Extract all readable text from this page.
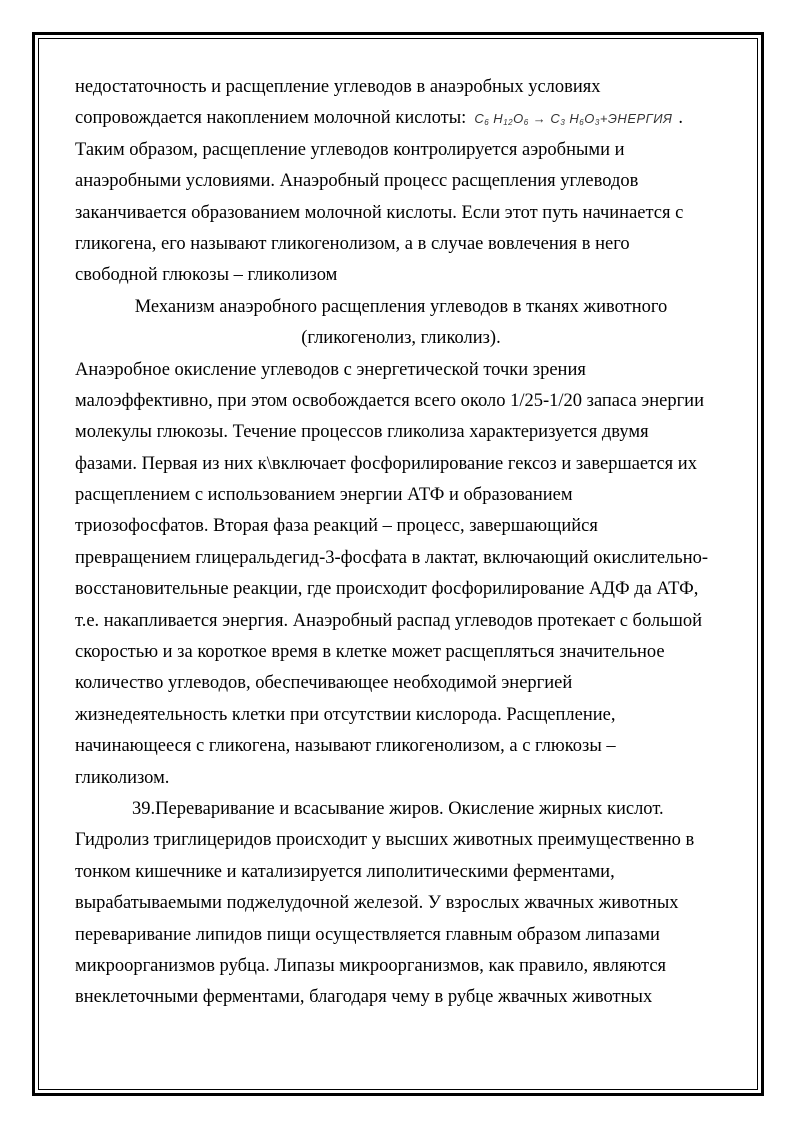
недостаточность и расщепление углеводов в анаэробных условиях
сопровождается накоплением молочной кислоты: $C_6$ $H_{12}O_6 \to C_3$ $H_6O_3+ЭНЕРГИЯ$ .
Таким образом, расщепление углеводов контролируется аэробными и
анаэробными условиями. Анаэробный процесс расщепления углеводов
заканчивается образованием молочной кислоты. Если этот путь начинается с
гликогена, его называют гликогенолизом, а в случае вовлечения в него
свободной глюкозы – гликолизом
Механизм анаэробного расщепления углеводов в тканях животного
(гликогенолиз, гликолиз).
Анаэробное окисление углеводов с энергетической точки зрения
малоэффективно, при этом освобождается всего около 1/25-1/20 запаса энергии
молекулы глюкозы. Течение процессов гликолиза характеризуется двумя
фазами. Первая из них к\включает фосфорилирование гексоз и завершается их
расщеплением с использованием энергии АТФ и образованием
триозофосфатов. Вторая фаза реакций – процесс, завершающийся
превращением глицеральдегид-3-фосфата в лактат, включающий окислительно-
восстановительные реакции, где происходит фосфорилирование АДФ да АТФ,
т.е. накапливается энергия. Анаэробный распад углеводов протекает с большой
скоростью и за короткое время в клетке может расщепляться значительное
количество углеводов, обеспечивающее необходимой энергией
жизнедеятельность клетки при отсутствии кислорода. Расщепление,
начинающееся с гликогена, называют гликогенолизом, а с глюкозы –
гликолизом.
39.Переваривание и всасывание жиров. Окисление жирных кислот.
Гидролиз триглицеридов происходит у высших животных преимущественно в
тонком кишечнике и катализируется липолитическими ферментами,
вырабатываемыми поджелудочной железой. У взрослых жвачных животных
переваривание липидов пищи осуществляется главным образом липазами
микроорганизмов рубца. Липазы микроорганизмов, как правило, являются
внеклеточными ферментами, благодаря чему в рубце жвачных животных
